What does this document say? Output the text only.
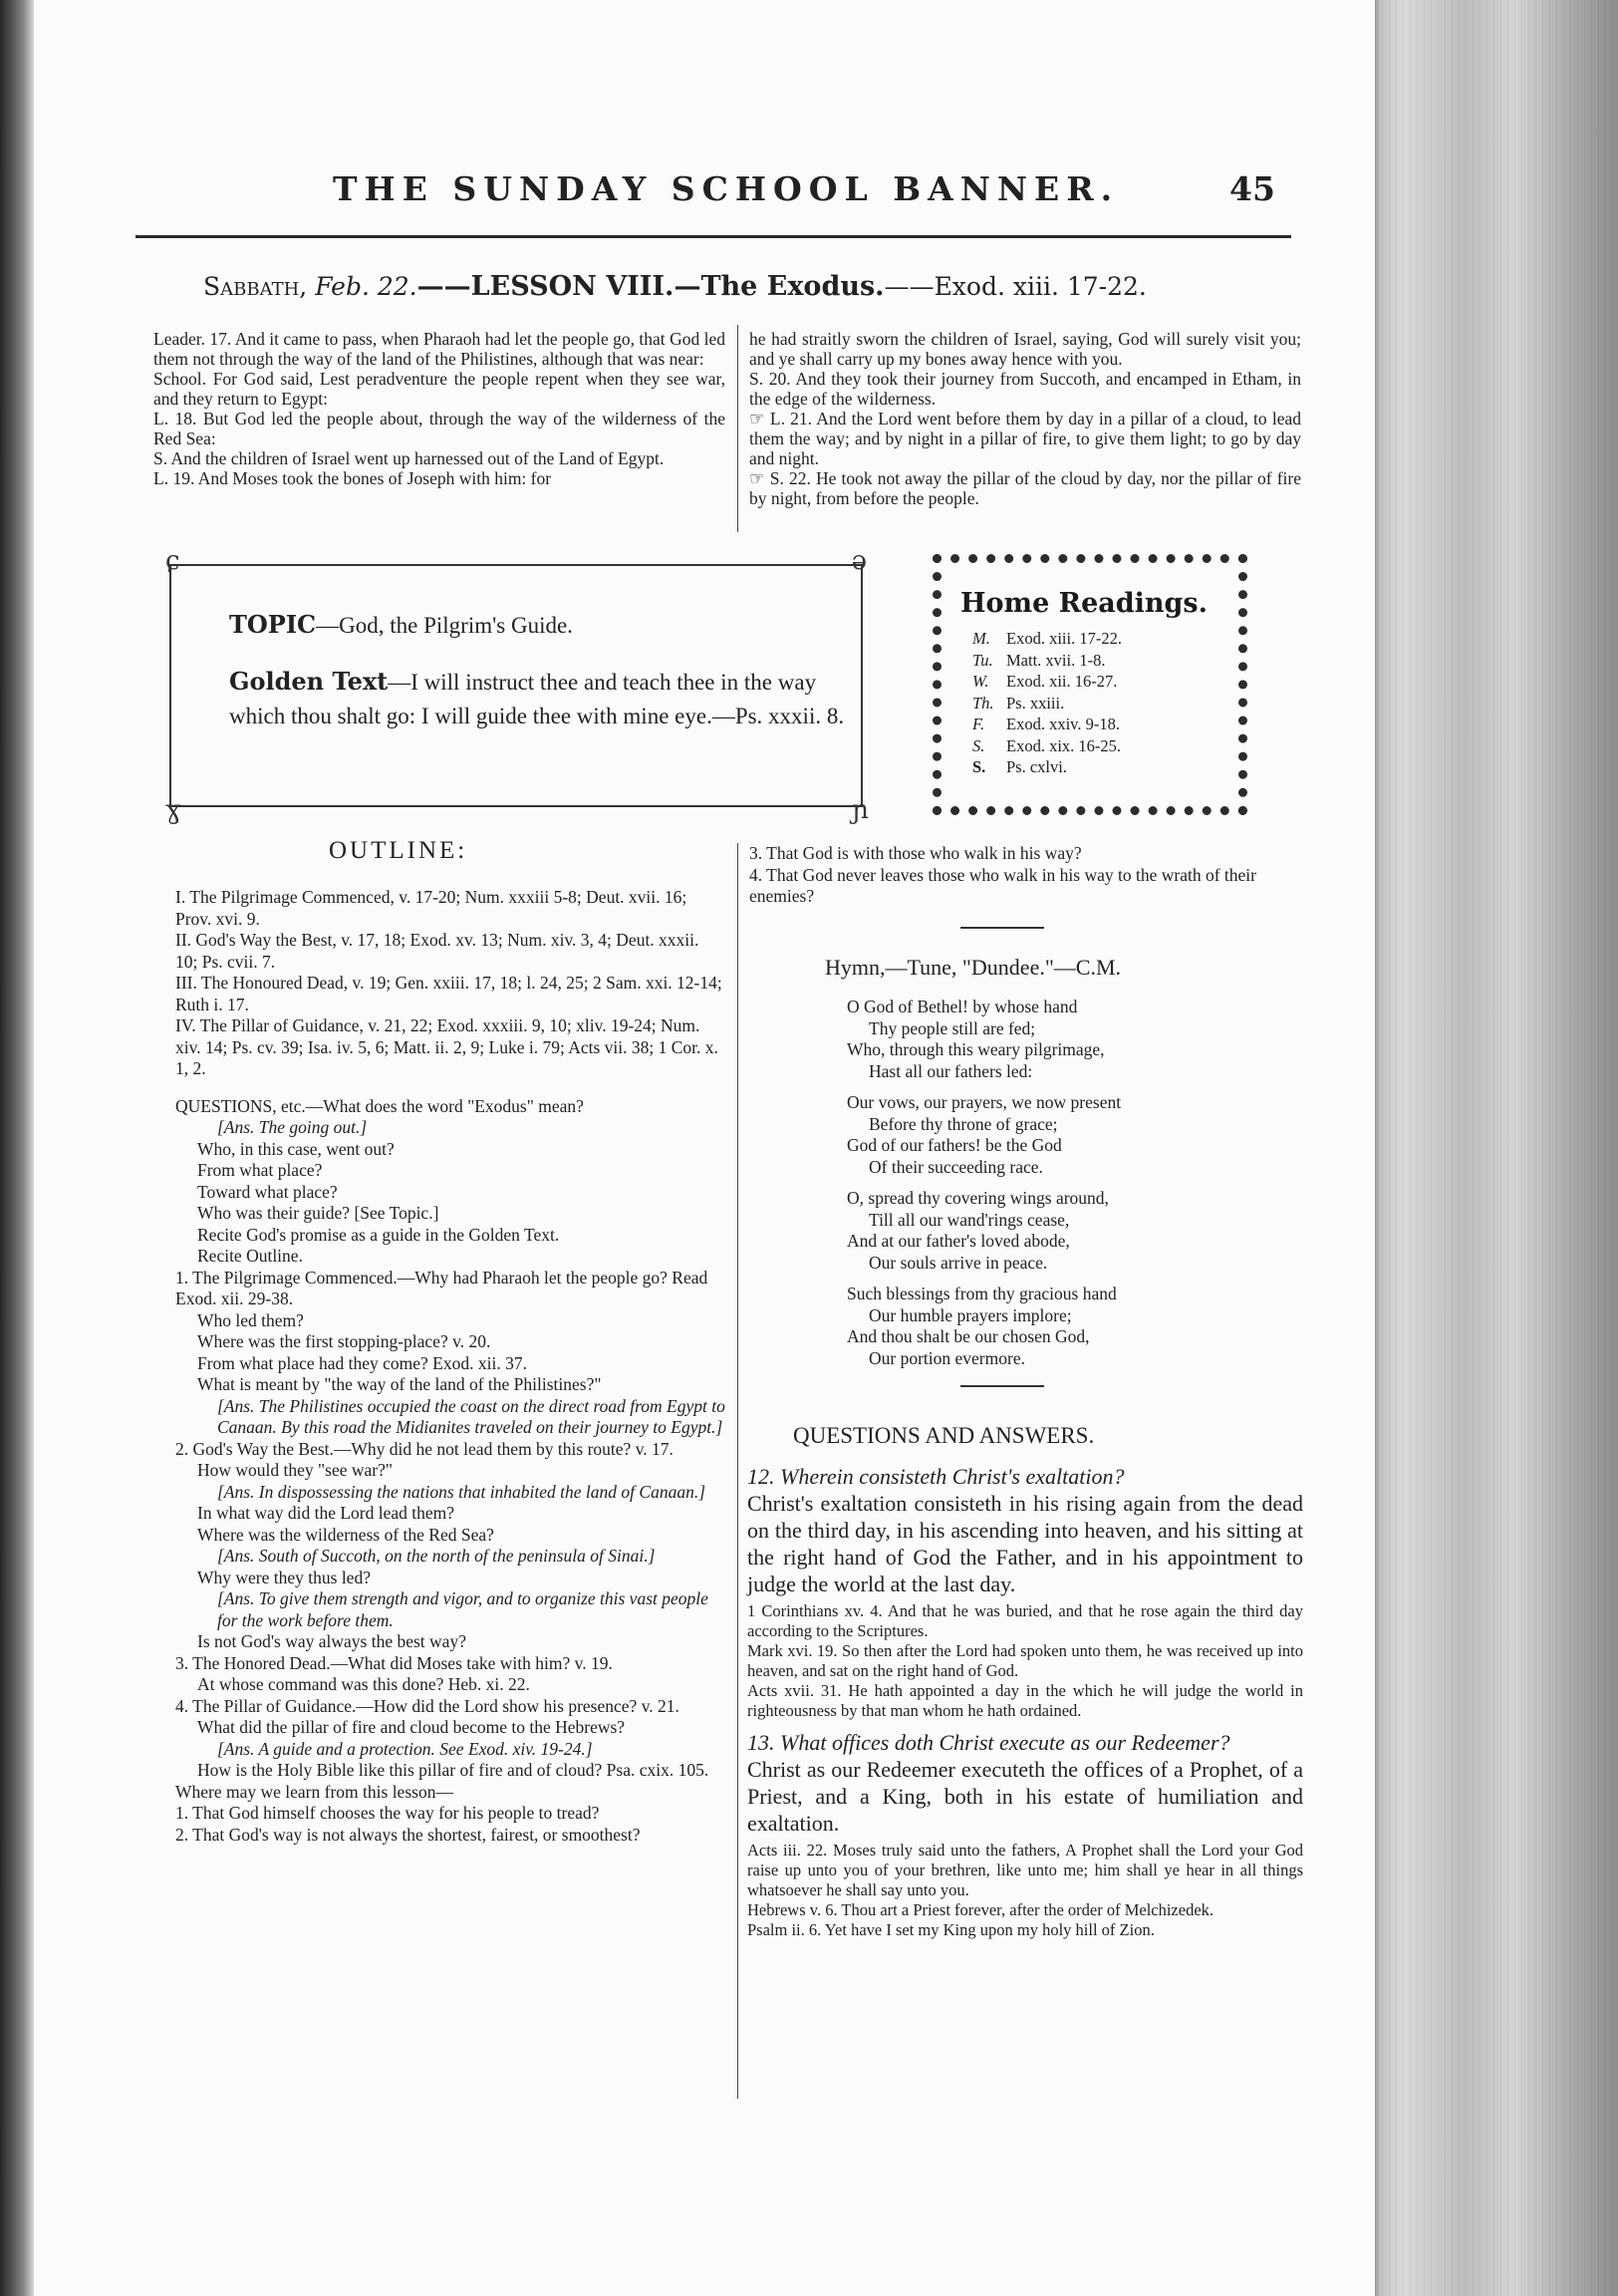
THE SUNDAY SCHOOL BANNER.	45
Sabbath, Feb. 22.——LESSON VIII.—The Exodus.——Exod. xiii. 17-22.

Leader. 17. And it came to pass, when Pharaoh had let the people go, that God led them not through the way of the land of the Philistines, although that was near:

School. For God said, Lest peradventure the people repent when they see war, and they return to Egypt:

L. 18. But God led the people about, through the way of the wilderness of the Red Sea:

S. And the children of Israel went up harnessed out of the Land of Egypt.

L. 19. And Moses took the bones of Joseph with him: for

he had straitly sworn the children of Israel, saying, God will surely visit you; and ye shall carry up my bones away hence with you.

S. 20. And they took their journey from Succoth, and encamped in Etham, in the edge of the wilderness.

☞ L. 21. And the Lord went before them by day in a pillar of a cloud, to lead them the way; and by night in a pillar of fire, to give them light; to go by day and night.

☞ S. 22. He took not away the pillar of the cloud by day, nor the pillar of fire by night, from before the people.

ɕ	ə
ɣ	ɲ
TOPIC—God, the Pilgrim's Guide.
Golden Text—I will instruct thee and teach thee in the way which thou shalt go: I will guide thee with mine eye.—Ps. xxxii. 8.
Home Readings.
M. Exod. xiii. 17-22.
Tu. Matt. xvii. 1-8.
W. Exod. xii. 16-27.
Th. Ps. xxiii.
F. Exod. xxiv. 9-18.
S. Exod. xix. 16-25.
S. Ps. cxlvi.
OUTLINE:

I. The Pilgrimage Commenced, v. 17-20; Num. xxxiii 5-8; Deut. xvii. 16; Prov. xvi. 9.

II. God's Way the Best, v. 17, 18; Exod. xv. 13; Num. xiv. 3, 4; Deut. xxxii. 10; Ps. cvii. 7.

III. The Honoured Dead, v. 19; Gen. xxiii. 17, 18; l. 24, 25; 2 Sam. xxi. 12-14; Ruth i. 17.

IV. The Pillar of Guidance, v. 21, 22; Exod. xxxiii. 9, 10; xliv. 19-24; Num. xiv. 14; Ps. cv. 39; Isa. iv. 5, 6; Matt. ii. 2, 9; Luke i. 79; Acts vii. 38; 1 Cor. x. 1, 2.

QUESTIONS, etc.—What does the word "Exodus" mean?

[Ans. The going out.]

Who, in this case, went out?

From what place?

Toward what place?

Who was their guide? [See Topic.]

Recite God's promise as a guide in the Golden Text.

Recite Outline.

1. The Pilgrimage Commenced.—Why had Pharaoh let the people go? Read Exod. xii. 29-38.

Who led them?

Where was the first stopping-place? v. 20.

From what place had they come? Exod. xii. 37.

What is meant by "the way of the land of the Philistines?"

[Ans. The Philistines occupied the coast on the direct road from Egypt to Canaan. By this road the Midianites traveled on their journey to Egypt.]

2. God's Way the Best.—Why did he not lead them by this route? v. 17.

How would they "see war?"

[Ans. In dispossessing the nations that inhabited the land of Canaan.]

In what way did the Lord lead them?

Where was the wilderness of the Red Sea?

[Ans. South of Succoth, on the north of the peninsula of Sinai.]

Why were they thus led?

[Ans. To give them strength and vigor, and to organize this vast people for the work before them.

Is not God's way always the best way?

3. The Honored Dead.—What did Moses take with him? v. 19.

At whose command was this done? Heb. xi. 22.

4. The Pillar of Guidance.—How did the Lord show his presence? v. 21.

What did the pillar of fire and cloud become to the Hebrews?

[Ans. A guide and a protection. See Exod. xiv. 19-24.]

How is the Holy Bible like this pillar of fire and of cloud? Psa. cxix. 105.

Where may we learn from this lesson—

1. That God himself chooses the way for his people to tread?

2. That God's way is not always the shortest, fairest, or smoothest?

3. That God is with those who walk in his way?

4. That God never leaves those who walk in his way to the wrath of their enemies?

Hymn,—Tune, "Dundee."—C.M.

O God of Bethel! by whose hand

Thy people still are fed;

Who, through this weary pilgrimage,

Hast all our fathers led:

Our vows, our prayers, we now present

Before thy throne of grace;

God of our fathers! be the God

Of their succeeding race.

O, spread thy covering wings around,

Till all our wand'rings cease,

And at our father's loved abode,

Our souls arrive in peace.

Such blessings from thy gracious hand

Our humble prayers implore;

And thou shalt be our chosen God,

Our portion evermore.

QUESTIONS AND ANSWERS.

12. Wherein consisteth Christ's exaltation?

Christ's exaltation consisteth in his rising again from the dead on the third day, in his ascending into heaven, and his sitting at the right hand of God the Father, and in his appointment to judge the world at the last day.

1 Corinthians xv. 4. And that he was buried, and that he rose again the third day according to the Scriptures.

Mark xvi. 19. So then after the Lord had spoken unto them, he was received up into heaven, and sat on the right hand of God.

Acts xvii. 31. He hath appointed a day in the which he will judge the world in righteousness by that man whom he hath ordained.

13. What offices doth Christ execute as our Redeemer?

Christ as our Redeemer executeth the offices of a Prophet, of a Priest, and a King, both in his estate of humiliation and exaltation.

Acts iii. 22. Moses truly said unto the fathers, A Prophet shall the Lord your God raise up unto you of your brethren, like unto me; him shall ye hear in all things whatsoever he shall say unto you.

Hebrews v. 6. Thou art a Priest forever, after the order of Melchizedek.

Psalm ii. 6. Yet have I set my King upon my holy hill of Zion.
